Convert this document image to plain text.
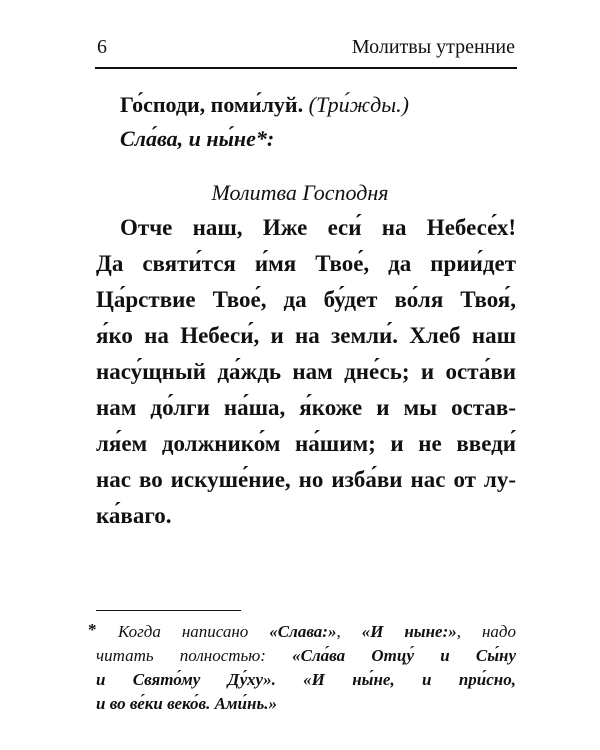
6	Молитвы утренние
Го́споди, поми́луй. (Три́жды.)
Сла́ва, и ны́не*:
Молитва Господня
Отче наш, Иже еси́ на Небесе́х!
Да святи́тся и́мя Твое́, да прии́дет
Ца́рствие Твое́, да бу́дет во́ля Твоя́,
я́ко на Небеси́, и на земли́. Хлеб наш
насу́щный да́ждь нам дне́сь; и оста́ви
нам до́лги на́ша, я́коже и мы остав-
ля́ем должнико́м на́шим; и не введи́
нас во искуше́ние, но изба́ви нас от лу-
ка́ваго.
*	Когда написано «Слава:», «И ныне:», надо
читать полностью: «Сла́ва Отцу́ и Сы́ну
и Свято́му Ду́ху». «И ны́не, и при́сно,
и во ве́ки веко́в. Ами́нь.»
